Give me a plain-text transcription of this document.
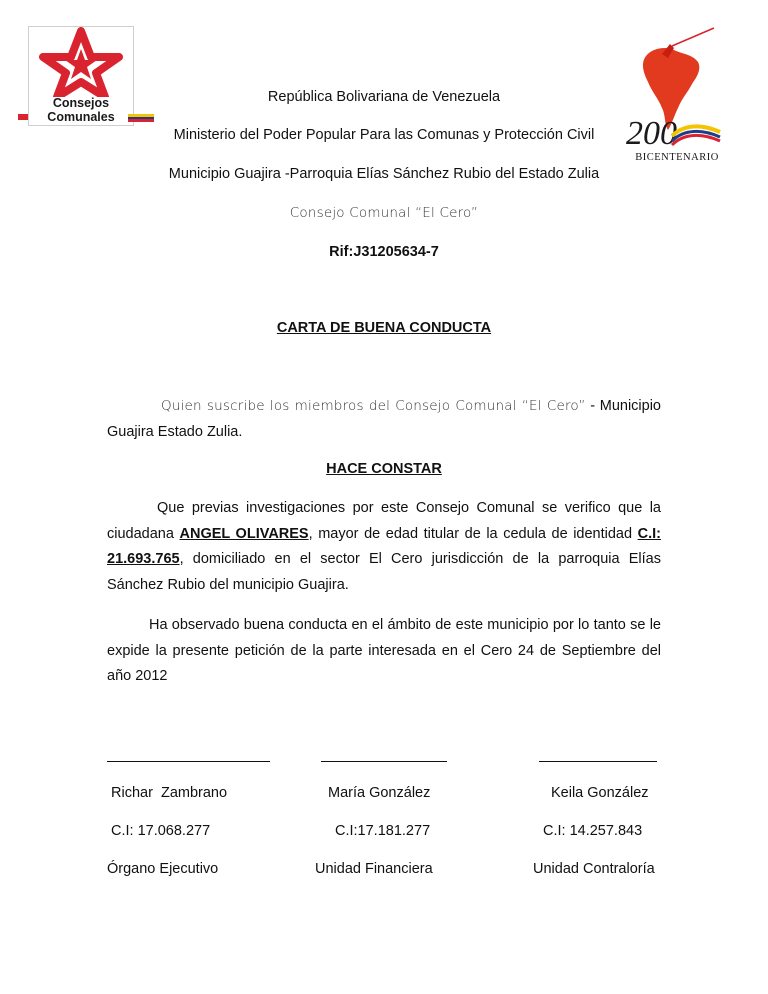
Consejos
Comunales	200
BICENTENARIO
República Bolivariana de Venezuela
Ministerio del Poder Popular Para las Comunas y Protección Civil
Municipio Guajira -Parroquia Elías Sánchez Rubio del Estado Zulia
Consejo Comunal “El Cero”
Rif:J31205634-7
CARTA DE BUENA CONDUCTA
Quien suscribe los miembros del Consejo Comunal “El Cero” - Municipio Guajira Estado Zulia.
HACE CONSTAR
Que previas investigaciones por este Consejo Comunal se verifico que la ciudadana ANGEL OLIVARES, mayor de edad titular de la cedula de identidad C.I: 21.693.765, domiciliado en el sector El Cero jurisdicción de la parroquia Elías Sánchez Rubio del municipio Guajira.
Ha observado buena conducta en el ámbito de este municipio por lo tanto se le expide la presente petición de la parte interesada en el Cero 24 de Septiembre del año 2012
Richar  Zambrano
C.I: 17.068.277
Órgano Ejecutivo
María González
C.I:17.181.277
Unidad Financiera
Keila González
C.I: 14.257.843
Unidad Contraloría
